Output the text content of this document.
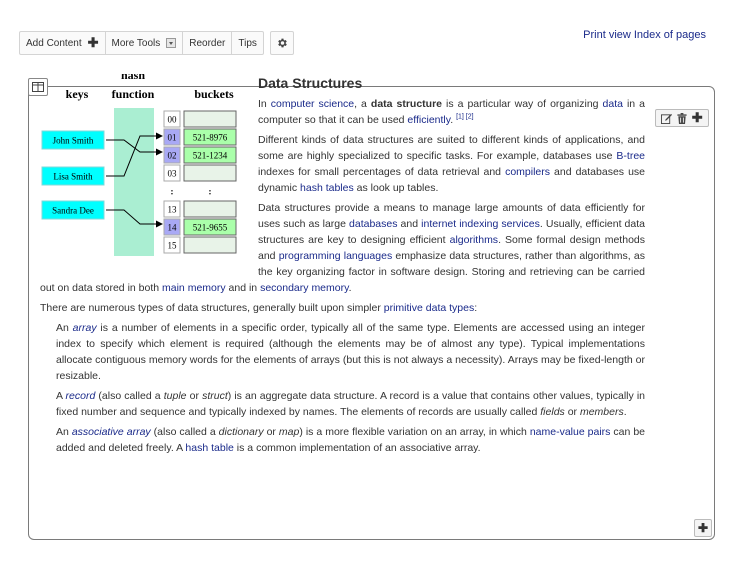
Add Content ✚ More Tools	Reorder Tips
Print view Index of pages
✚
✚
keys
hash
function	buckets
John Smith
Lisa Smith
Sandra Dee
00
01
02
03
:
13
14
15
521-8976
521-1234
:
521-9655
Data Structures

In computer science, a data structure is a particular way of organizing data in a computer so that it can be used efficiently. [1] [2]

Different kinds of data structures are suited to different kinds of applications, and some are highly specialized to specific tasks. For example, databases use B-tree indexes for small percentages of data retrieval and compilers and databases use dynamic hash tables as look up tables.

Data structures provide a means to manage large amounts of data efficiently for uses such as large databases and internet indexing services. Usually, efficient data structures are key to designing efficient algorithms. Some formal design methods and programming languages emphasize data structures, rather than algorithms, as the key organizing factor in software design. Storing and retrieving can be carried out on data stored in both main memory and in secondary memory.

There are numerous types of data structures, generally built upon simpler primitive data types:

An array is a number of elements in a specific order, typically all of the same type. Elements are accessed using an integer index to specify which element is required (although the elements may be of almost any type). Typical implementations allocate contiguous memory words for the elements of arrays (but this is not always a necessity). Arrays may be fixed-length or resizable.

A record (also called a tuple or struct) is an aggregate data structure. A record is a value that contains other values, typically in fixed number and sequence and typically indexed by names. The elements of records are usually called fields or members.

An associative array (also called a dictionary or map) is a more flexible variation on an array, in which name-value pairs can be added and deleted freely. A hash table is a common implementation of an associative array.
